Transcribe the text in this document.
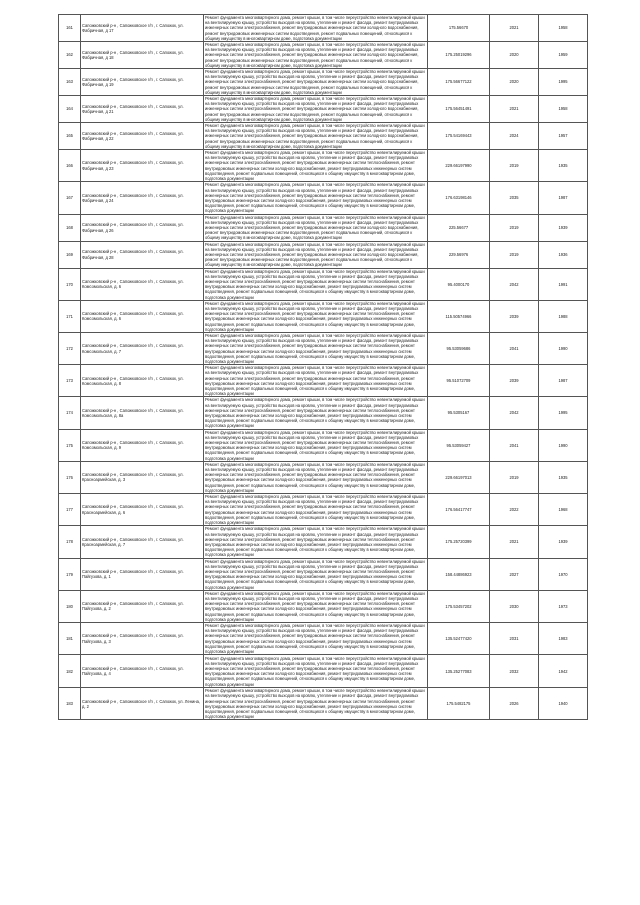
161	Сапожковский р-н , Сапожковское г/п , г. Сапожок, ул. Фабричная, д 17	Ремонт фундамента многоквартирного дома, ремонт крыши, в том числе переустройство невентилируемой крыши на вентилируемую крышу, устройство выходов на кровлю, утепление и ремонт фасада, ремонт внутридомовых инженерных систем электроснабжения, ремонт внутридомовых инженерных систем холодного водоснабжения, ремонт внутридомовых инженерных систем водоотведения, ремонт подвальных помещений, относящихся к общему имуществу в многоквартирном доме, подготовка документации	175.56670	2021	1958

162	Сапожковский р-н , Сапожковское г/п , г. Сапожок, ул. Фабричная, д 18	Ремонт фундамента многоквартирного дома, ремонт крыши, в том числе переустройство невентилируемой крыши на вентилируемую крышу, устройство выходов на кровлю, утепление и ремонт фасада, ремонт внутридомовых инженерных систем электроснабжения, ремонт внутридомовых инженерных систем холодного водоснабжения, ремонт внутридомовых инженерных систем водоотведения, ремонт подвальных помещений, относящихся к общему имуществу в многоквартирном доме, подготовка документации	175.25019296	2020	1959

163	Сапожковский р-н , Сапожковское г/п , г. Сапожок, ул. Фабричная, д 19	Ремонт фундамента многоквартирного дома, ремонт крыши, в том числе переустройство невентилируемой крыши на вентилируемую крышу, устройство выходов на кровлю, утепление и ремонт фасада, ремонт внутридомовых инженерных систем электроснабжения, ремонт внутридомовых инженерных систем холодного водоснабжения, ремонт внутридомовых инженерных систем водоотведения, ремонт подвальных помещений, относящихся к общему имуществу в многоквартирном доме, подготовка документации	175.56677122	2020	1995

164	Сапожковский р-н , Сапожковское г/п , г. Сапожок, ул. Фабричная, д 21	Ремонт фундамента многоквартирного дома, ремонт крыши, в том числе переустройство невентилируемой крыши на вентилируемую крышу, устройство выходов на кровлю, утепление и ремонт фасада, ремонт внутридомовых инженерных систем электроснабжения, ремонт внутридомовых инженерных систем холодного водоснабжения, ремонт внутридомовых инженерных систем водоотведения, ремонт подвальных помещений, относящихся к общему имуществу в многоквартирном доме, подготовка документации	175.56451491	2021	1958

165	Сапожковский р-н , Сапожковское г/п , г. Сапожок, ул. Фабричная, д 22	Ремонт фундамента многоквартирного дома, ремонт крыши, в том числе переустройство невентилируемой крыши на вентилируемую крышу, устройство выходов на кровлю, утепление и ремонт фасада, ремонт внутридомовых инженерных систем электроснабжения, ремонт внутридомовых инженерных систем холодного водоснабжения, ремонт внутридомовых инженерных систем водоотведения, ремонт подвальных помещений, относящихся к общему имуществу в многоквартирном доме, подготовка документации	175.54169443	2024	1957

166	Сапожковский р-н , Сапожковское г/п , г. Сапожок, ул. Фабричная, д 23	Ремонт фундамента многоквартирного дома, ремонт крыши, в том числе переустройство невентилируемой крыши на вентилируемую крышу, устройство выходов на кровлю, утепление и ремонт фасада, ремонт внутридомовых инженерных систем электроснабжения, ремонт внутридомовых инженерных систем теплоснабжения, ремонт внутридомовых инженерных систем холодного водоснабжения, ремонт внутридомовых инженерных систем водоотведения, ремонт подвальных помещений, относящихся к общему имуществу в многоквартирном доме, подготовка документации	229.66197990	2019	1935

167	Сапожковский р-н , Сапожковское г/п , г. Сапожок, ул. Фабричная, д 24	Ремонт фундамента многоквартирного дома, ремонт крыши, в том числе переустройство невентилируемой крыши на вентилируемую крышу, устройство выходов на кровлю, утепление и ремонт фасада, ремонт внутридомовых инженерных систем электроснабжения, ремонт внутридомовых инженерных систем теплоснабжения, ремонт внутридомовых инженерных систем холодного водоснабжения, ремонт внутридомовых инженерных систем водоотведения, ремонт подвальных помещений, относящихся к общему имуществу в многоквартирном доме, подготовка документации	176.63198146	2035	1987

168	Сапожковский р-н , Сапожковское г/п , г. Сапожок, ул. Фабричная, д 26	Ремонт фундамента многоквартирного дома, ремонт крыши, в том числе переустройство невентилируемой крыши на вентилируемую крышу, устройство выходов на кровлю, утепление и ремонт фасада, ремонт внутридомовых инженерных систем электроснабжения, ремонт внутридомовых инженерных систем холодного водоснабжения, ремонт внутридомовых инженерных систем водоотведения, ремонт подвальных помещений, относящихся к общему имуществу в многоквартирном доме, подготовка документации	225.56677	2019	1939

169	Сапожковский р-н , Сапожковское г/п , г. Сапожок, ул. Фабричная, д 28	Ремонт фундамента многоквартирного дома, ремонт крыши, в том числе переустройство невентилируемой крыши на вентилируемую крышу, устройство выходов на кровлю, утепление и ремонт фасада, ремонт внутридомовых инженерных систем электроснабжения, ремонт внутридомовых инженерных систем холодного водоснабжения, ремонт внутридомовых инженерных систем водоотведения, ремонт подвальных помещений, относящихся к общему имуществу в многоквартирном доме, подготовка документации	229.56976	2019	1936

170	Сапожковский р-н , Сапожковское г/п , г. Сапожок, ул. Комсомольская, д. 6	Ремонт фундамента многоквартирного дома, ремонт крыши, в том числе переустройство невентилируемой крыши на вентилируемую крышу, устройство выходов на кровлю, утепление и ремонт фасада, ремонт внутридомовых инженерных систем электроснабжения, ремонт внутридомовых инженерных систем теплоснабжения, ремонт внутридомовых инженерных систем холодного водоснабжения, ремонт внутридомовых инженерных систем водоотведения, ремонт подвальных помещений, относящихся к общему имуществу в многоквартирном доме, подготовка документации	95.4000170	2042	1991

171	Сапожковский р-н , Сапожковское г/п , г. Сапожок, ул. Комсомольская, д. 6	Ремонт фундамента многоквартирного дома, ремонт крыши, в том числе переустройство невентилируемой крыши на вентилируемую крышу, устройство выходов на кровлю, утепление и ремонт фасада, ремонт внутридомовых инженерных систем электроснабжения, ремонт внутридомовых инженерных систем теплоснабжения, ремонт внутридомовых инженерных систем холодного водоснабжения, ремонт внутридомовых инженерных систем водоотведения, ремонт подвальных помещений, относящихся к общему имуществу в многоквартирном доме, подготовка документации	115.50574966	2039	1988

172	Сапожковский р-н , Сапожковское г/п , г. Сапожок, ул. Комсомольская, д. 7	Ремонт фундамента многоквартирного дома, ремонт крыши, в том числе переустройство невентилируемой крыши на вентилируемую крышу, устройство выходов на кровлю, утепление и ремонт фасада, ремонт внутридомовых инженерных систем электроснабжения, ремонт внутридомовых инженерных систем теплоснабжения, ремонт внутридомовых инженерных систем холодного водоснабжения, ремонт внутридомовых инженерных систем водоотведения, ремонт подвальных помещений, относящихся к общему имуществу в многоквартирном доме, подготовка документации	95.53059686	2041	1990

173	Сапожковский р-н , Сапожковское г/п , г. Сапожок, ул. Комсомольская, д. 8	Ремонт фундамента многоквартирного дома, ремонт крыши, в том числе переустройство невентилируемой крыши на вентилируемую крышу, устройство выходов на кровлю, утепление и ремонт фасада, ремонт внутридомовых инженерных систем электроснабжения, ремонт внутридомовых инженерных систем теплоснабжения, ремонт внутридомовых инженерных систем холодного водоснабжения, ремонт внутридомовых инженерных систем водоотведения, ремонт подвальных помещений, относящихся к общему имуществу в многоквартирном доме, подготовка документации	95.51072709	2039	1987

174	Сапожковский р-н , Сапожковское г/п , г. Сапожок, ул. Комсомольская, д. 8а	Ремонт фундамента многоквартирного дома, ремонт крыши, в том числе переустройство невентилируемой крыши на вентилируемую крышу, устройство выходов на кровлю, утепление и ремонт фасада, ремонт внутридомовых инженерных систем электроснабжения, ремонт внутридомовых инженерных систем теплоснабжения, ремонт внутридомовых инженерных систем холодного водоснабжения, ремонт внутридомовых инженерных систем водоотведения, ремонт подвальных помещений, относящихся к общему имуществу в многоквартирном доме, подготовка документации	95.5305167	2042	1995

175	Сапожковский р-н , Сапожковское г/п , г. Сапожок, ул. Комсомольская, д. 9	Ремонт фундамента многоквартирного дома, ремонт крыши, в том числе переустройство невентилируемой крыши на вентилируемую крышу, устройство выходов на кровлю, утепление и ремонт фасада, ремонт внутридомовых инженерных систем электроснабжения, ремонт внутридомовых инженерных систем теплоснабжения, ремонт внутридомовых инженерных систем холодного водоснабжения, ремонт внутридомовых инженерных систем водоотведения, ремонт подвальных помещений, относящихся к общему имуществу в многоквартирном доме, подготовка документации	95.53059427	2041	1990

176	Сапожковский р-н , Сапожковское г/п , г. Сапожок, ул. Красноармейская, д. 3	Ремонт фундамента многоквартирного дома, ремонт крыши, в том числе переустройство невентилируемой крыши на вентилируемую крышу, устройство выходов на кровлю, утепление и ремонт фасада, ремонт внутридомовых инженерных систем электроснабжения, ремонт внутридомовых инженерных систем теплоснабжения, ремонт внутридомовых инженерных систем холодного водоснабжения, ремонт внутридомовых инженерных систем водоотведения, ремонт подвальных помещений, относящихся к общему имуществу в многоквартирном доме, подготовка документации	229.66197013	2019	1935

177	Сапожковский р-н , Сапожковское г/п , г. Сапожок, ул. Красноармейская, д. 6	Ремонт фундамента многоквартирного дома, ремонт крыши, в том числе переустройство невентилируемой крыши на вентилируемую крышу, устройство выходов на кровлю, утепление и ремонт фасада, ремонт внутридомовых инженерных систем электроснабжения, ремонт внутридомовых инженерных систем теплоснабжения, ремонт внутридомовых инженерных систем холодного водоснабжения, ремонт внутридомовых инженерных систем водоотведения, ремонт подвальных помещений, относящихся к общему имуществу в многоквартирном доме, подготовка документации	176.56417747	2022	1968

178	Сапожковский р-н , Сапожковское г/п , г. Сапожок, ул. Красноармейская, д. 7	Ремонт фундамента многоквартирного дома, ремонт крыши, в том числе переустройство невентилируемой крыши на вентилируемую крышу, устройство выходов на кровлю, утепление и ремонт фасада, ремонт внутридомовых инженерных систем электроснабжения, ремонт внутридомовых инженерных систем теплоснабжения, ремонт внутридомовых инженерных систем холодного водоснабжения, ремонт внутридомовых инженерных систем водоотведения, ремонт подвальных помещений, относящихся к общему имуществу в многоквартирном доме, подготовка документации	175.25720399	2021	1939

179	Сапожковский р-н , Сапожковское г/п , г. Сапожок, ул. Пайгузова, д. 1	Ремонт фундамента многоквартирного дома, ремонт крыши, в том числе переустройство невентилируемой крыши на вентилируемую крышу, устройство выходов на кровлю, утепление и ремонт фасада, ремонт внутридомовых инженерных систем электроснабжения, ремонт внутридомовых инженерных систем теплоснабжения, ремонт внутридомовых инженерных систем холодного водоснабжения, ремонт внутридомовых инженерных систем водоотведения, ремонт подвальных помещений, относящихся к общему имуществу в многоквартирном доме, подготовка документации	158.44886923	2027	1970

180	Сапожковский р-н , Сапожковское г/п , г. Сапожок, ул. Пайгузова, д. 2	Ремонт фундамента многоквартирного дома, ремонт крыши, в том числе переустройство невентилируемой крыши на вентилируемую крышу, устройство выходов на кровлю, утепление и ремонт фасада, ремонт внутридомовых инженерных систем электроснабжения, ремонт внутридомовых инженерных систем теплоснабжения, ремонт внутридомовых инженерных систем холодного водоснабжения, ремонт внутридомовых инженерных систем водоотведения, ремонт подвальных помещений, относящихся к общему имуществу в многоквартирном доме, подготовка документации	175.53457202	2030	1973

181	Сапожковский р-н , Сапожковское г/п , г. Сапожок, ул. Пайгузова, д. 3	Ремонт фундамента многоквартирного дома, ремонт крыши, в том числе переустройство невентилируемой крыши на вентилируемую крышу, устройство выходов на кровлю, утепление и ремонт фасада, ремонт внутридомовых инженерных систем электроснабжения, ремонт внутридомовых инженерных систем теплоснабжения, ремонт внутридомовых инженерных систем холодного водоснабжения, ремонт внутридомовых инженерных систем водоотведения, ремонт подвальных помещений, относящихся к общему имуществу в многоквартирном доме, подготовка документации	135.52477420	2031	1983

182	Сапожковский р-н , Сапожковское г/п , г. Сапожок, ул. Пайгузова, д. 4	Ремонт фундамента многоквартирного дома, ремонт крыши, в том числе переустройство невентилируемой крыши на вентилируемую крышу, устройство выходов на кровлю, утепление и ремонт фасада, ремонт внутридомовых инженерных систем электроснабжения, ремонт внутридомовых инженерных систем теплоснабжения, ремонт внутридомовых инженерных систем холодного водоснабжения, ремонт внутридомовых инженерных систем водоотведения, ремонт подвальных помещений, относящихся к общему имуществу в многоквартирном доме, подготовка документации	135.25277083	2032	1942

183	Сапожковский р-н , Сапожковское г/п , г. Сапожок, ул. Ленина, д. 2	Ремонт фундамента многоквартирного дома, ремонт крыши, в том числе переустройство невентилируемой крыши на вентилируемую крышу, устройство выходов на кровлю, утепление и ремонт фасада, ремонт внутридомовых инженерных систем электроснабжения, ремонт внутридомовых инженерных систем теплоснабжения, ремонт внутридомовых инженерных систем холодного водоснабжения, ремонт внутридомовых инженерных систем водоотведения, ремонт подвальных помещений, относящихся к общему имуществу в многоквартирном доме, подготовка документации	175.5482175	2026	1940
